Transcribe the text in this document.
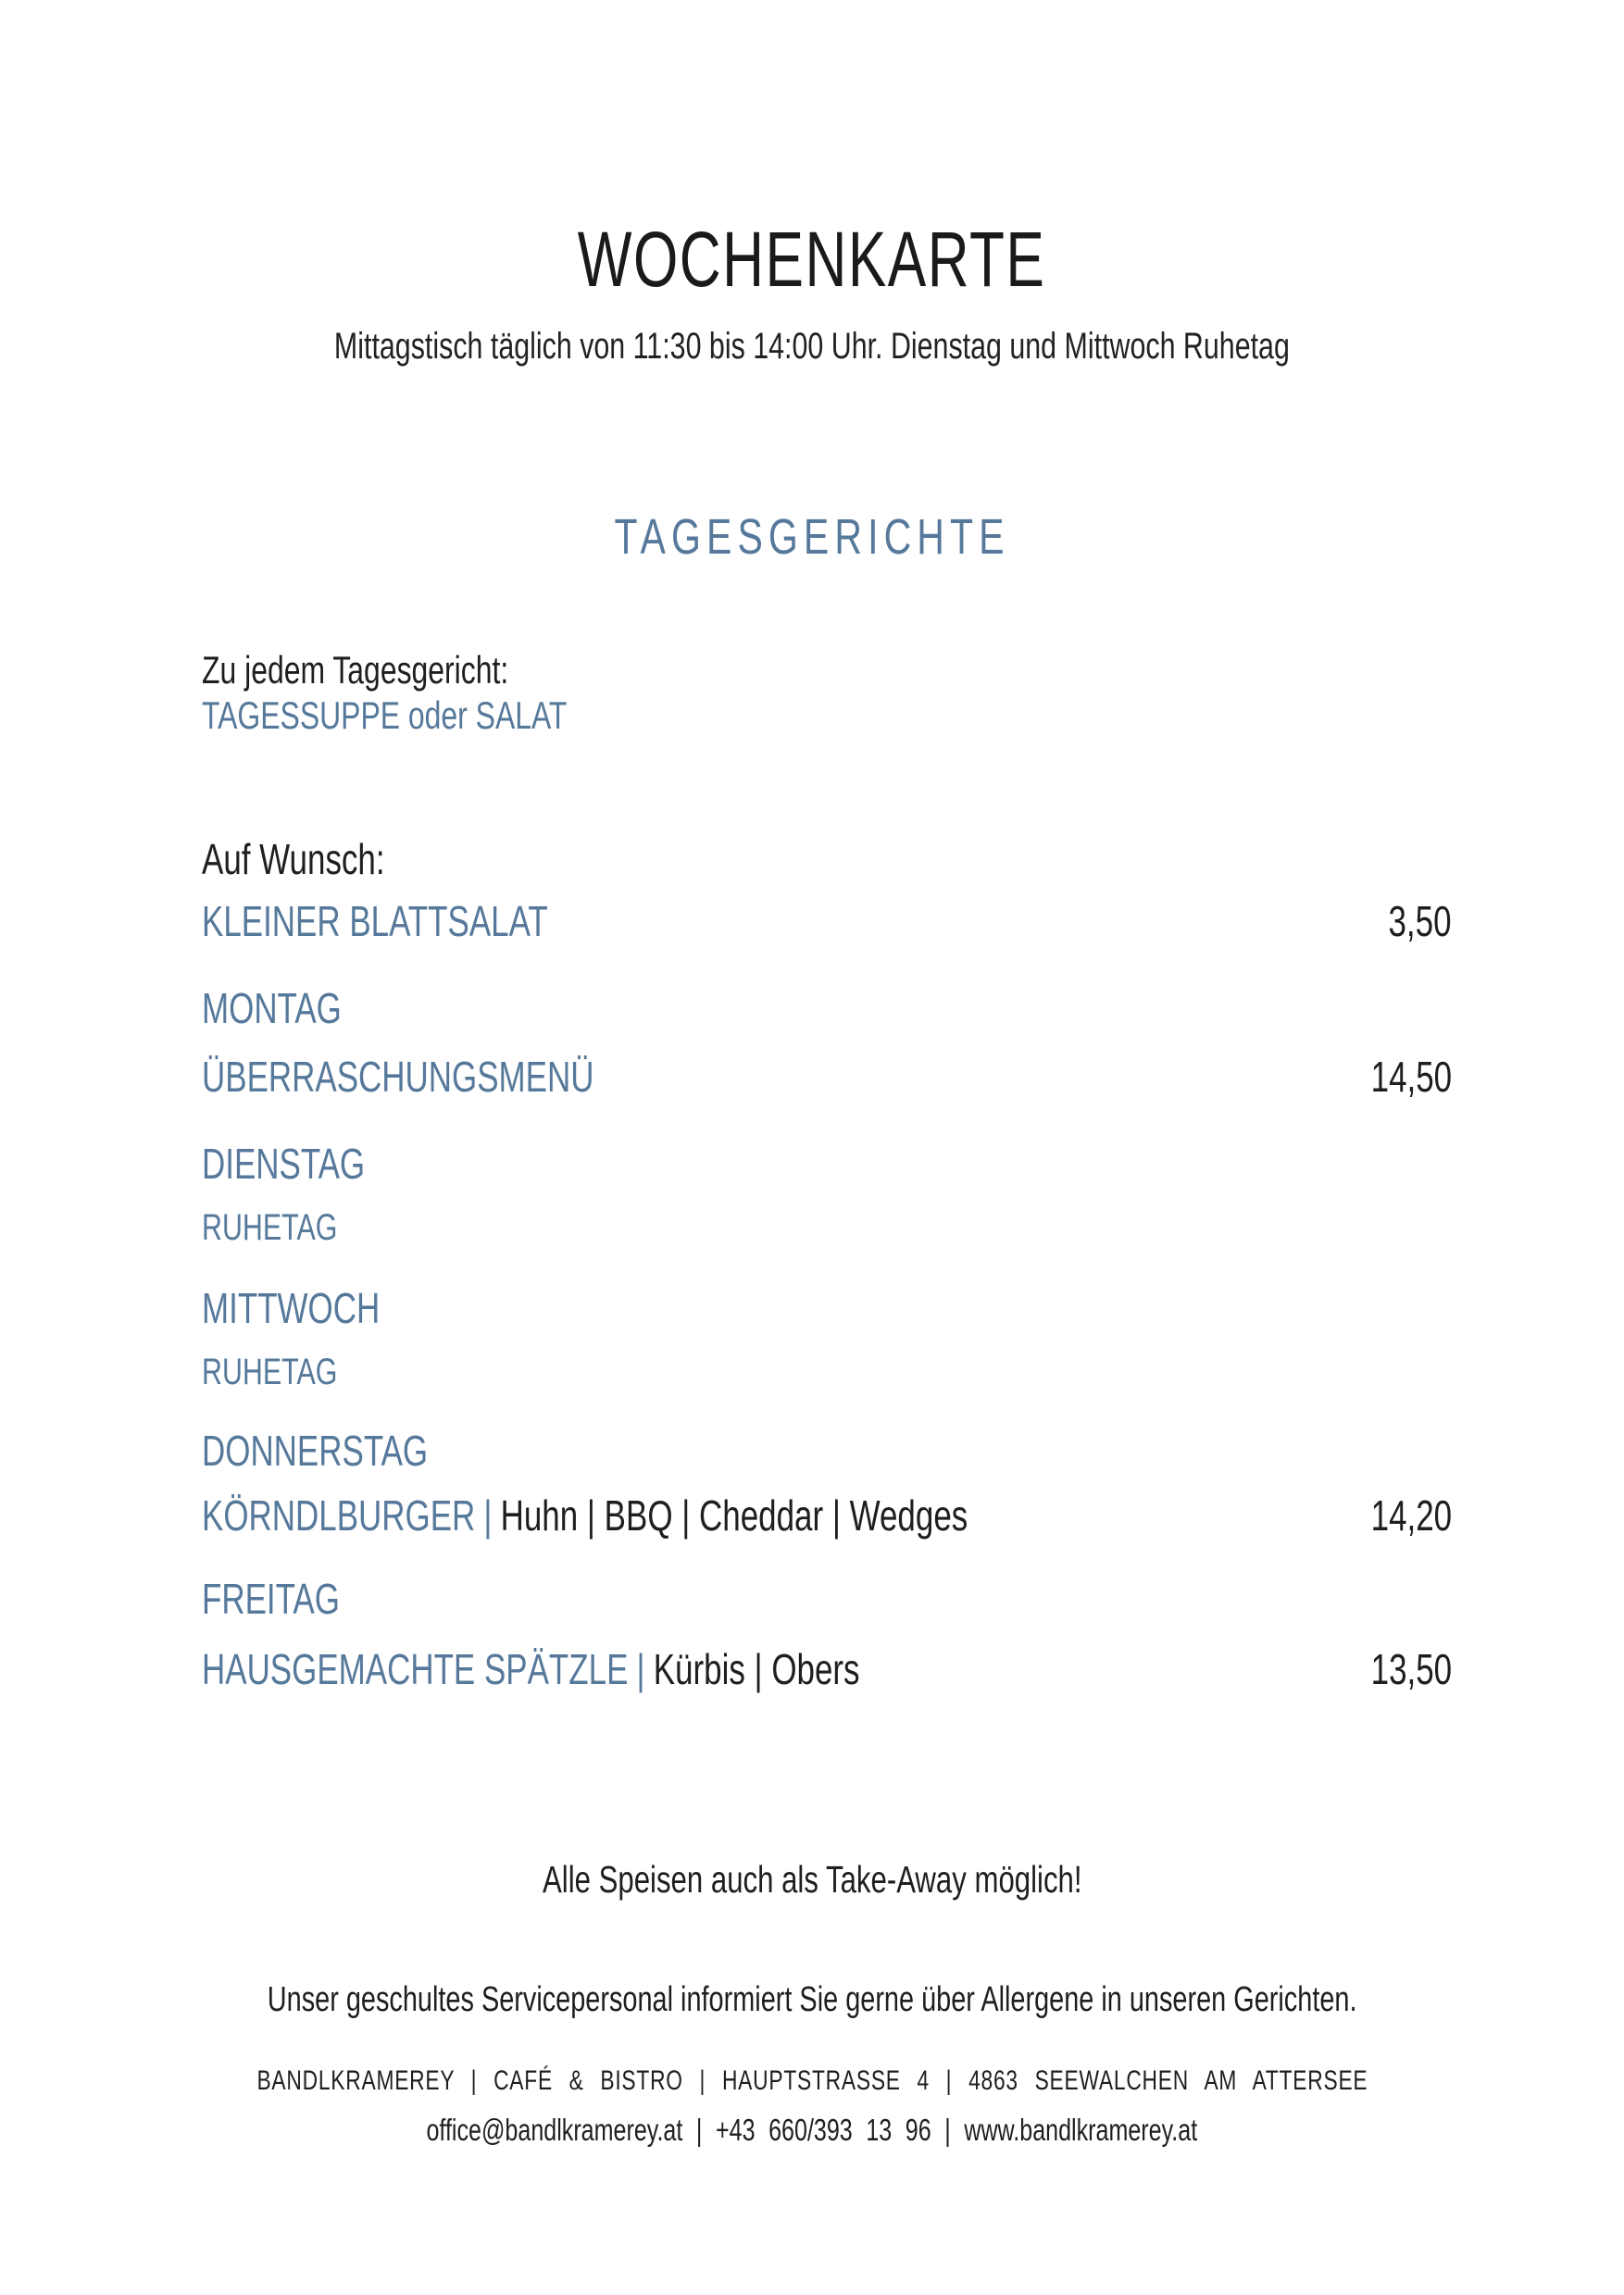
WOCHENKARTE
Mittagstisch täglich von 11:30 bis 14:00 Uhr. Dienstag und Mittwoch Ruhetag
TAGESGERICHTE
Zu jedem Tagesgericht:
TAGESSUPPE oder SALAT
Auf Wunsch:
KLEINER BLATTSALAT	3,50
MONTAG
ÜBERRASCHUNGSMENÜ	14,50
DIENSTAG
RUHETAG
MITTWOCH
RUHETAG
DONNERSTAG
KÖRNDLBURGER | Huhn | BBQ | Cheddar | Wedges	14,20
FREITAG
HAUSGEMACHTE SPÄTZLE | Kürbis | Obers	13,50
Alle Speisen auch als Take-Away möglich!
Unser geschultes Servicepersonal informiert Sie gerne über Allergene in unseren Gerichten.
BANDLKRAMEREY | CAFÉ & BISTRO | HAUPTSTRASSE 4 | 4863 SEEWALCHEN AM ATTERSEE
office@bandlkramerey.at | +43 660/393 13 96 | www.bandlkramerey.at
